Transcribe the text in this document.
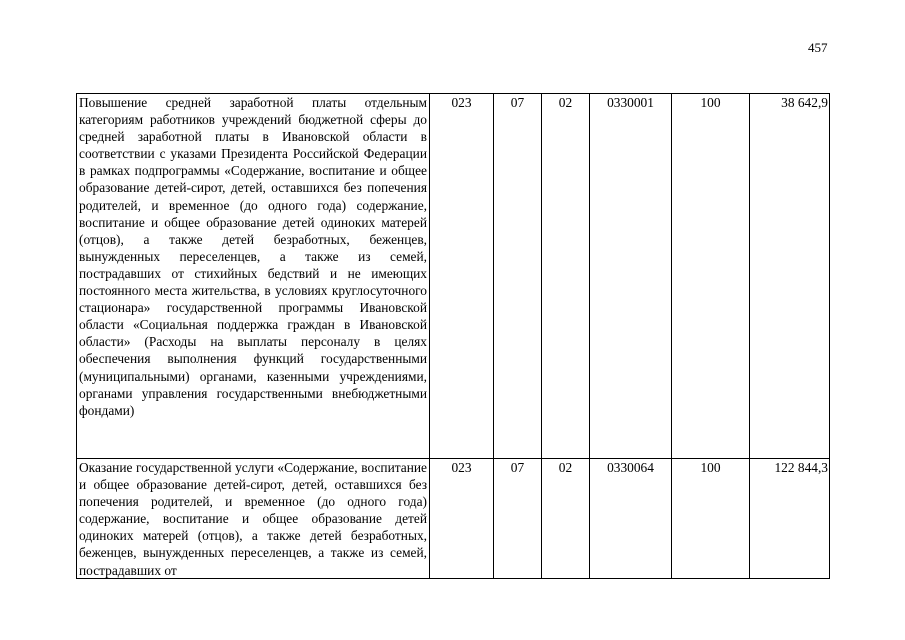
457
Повышение средней заработной платы отдельным категориям работников учреждений бюджетной сферы до средней заработной платы в Ивановской области в соответствии с указами Президента Российской Федерации в рамках подпрограммы «Содержание, воспитание и общее образование детей-сирот, детей, оставшихся без попечения родителей, и временное (до одного года) содержание, воспитание и общее образование детей одиноких матерей (отцов), а также детей безработных, беженцев, вынужденных переселенцев, а также из семей, пострадавших от стихийных бедствий и не имеющих постоянного места жительства, в условиях круглосуточного стационара» государственной программы Ивановской области «Социальная поддержка граждан в Ивановской области» (Расходы на выплаты персоналу в целях обеспечения выполнения функций государственными (муниципальными) органами, казенными учреждениями, органами управления государственными внебюджетными фондами)	023	07	02	0330001	100	38 642,9

Оказание государственной услуги «Содержание, воспитание и общее образование детей-сирот, детей, оставшихся без попечения родителей, и временное (до одного года) содержание, воспитание и общее образование детей одиноких матерей (отцов), а также детей безработных, беженцев, вынужденных переселенцев, а также из семей, пострадавших от	023	07	02	0330064	100	122 844,3
